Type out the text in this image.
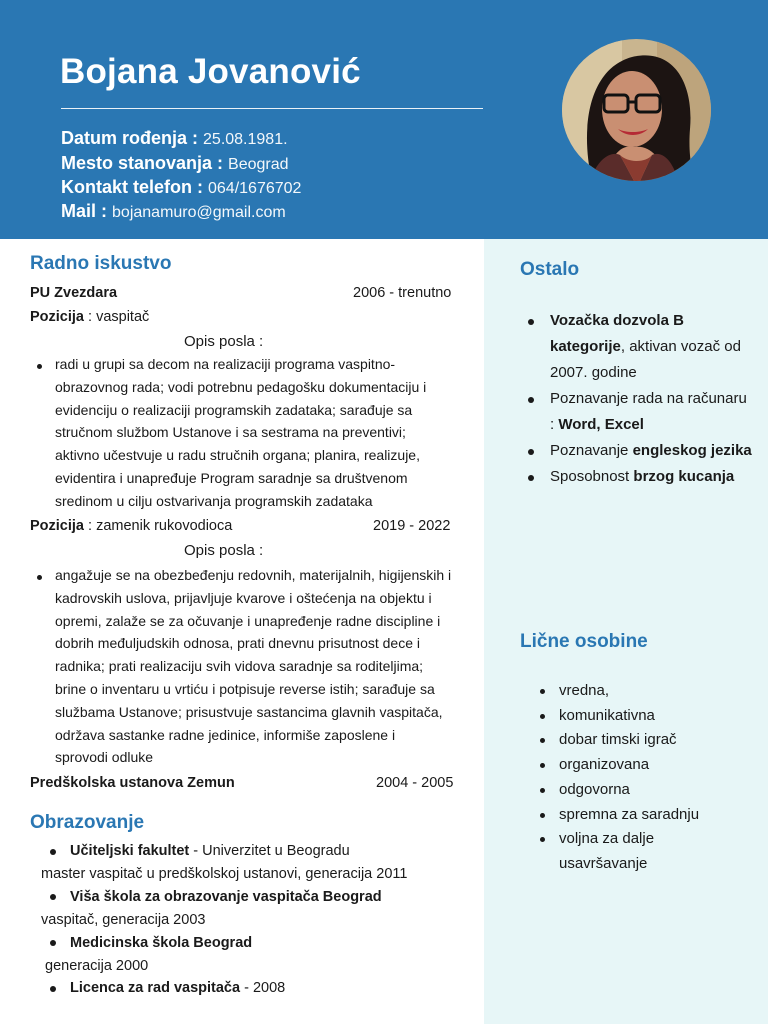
Bojana Jovanović
Datum rođenja : 25.08.1981.
Mesto stanovanja : Beograd
Kontakt telefon : 064/1676702
Mail : bojanamuro@gmail.com
Ostalo
Vozačka dozvola B kategorije, aktivan vozač od 2007. godine
Poznavanje rada na računaru : Word, Excel
Poznavanje engleskog jezika
Sposobnost brzog kucanja
Lične osobine
vredna,
komunikativna
dobar timski igrač
organizovana
odgovorna
spremna za saradnju
voljna za dalje usavršavanje
Radno iskustvo
PU Zvezdara	2006 - trenutno
Pozicija : vaspitač
Opis posla :
radi u grupi sa decom na realizaciji programa vaspitno-
obrazovnog rada; vodi potrebnu pedagošku dokumentaciju i
evidenciju o realizaciji programskih zadataka; sarađuje sa
stručnom službom Ustanove i sa sestrama na preventivi;
aktivno učestvuje u radu stručnih organa; planira, realizuje,
evidentira i unapređuje Program saradnje sa društvenom
sredinom u cilju ostvarivanja programskih zadataka
Pozicija : zamenik rukovodioca	2019 - 2022
Opis posla :
angažuje se na obezbeđenju redovnih, materijalnih, higijenskih i
kadrovskih uslova, prijavljuje kvarove i oštećenja na objektu i
opremi, zalaže se za očuvanje i unapređenje radne discipline i
dobrih međuljudskih odnosa, prati dnevnu prisutnost dece i
radnika; prati realizaciju svih vidova saradnje sa roditeljima;
brine o inventaru u vrtiću i potpisuje reverse istih; sarađuje sa
službama Ustanove; prisustvuje sastancima glavnih vaspitača,
održava sastanke radne jedinice, informiše zaposlene i
sprovodi odluke
Predškolska ustanova Zemun	2004 - 2005
Obrazovanje
Učiteljski fakultet - Univerzitet u Beogradu
master vaspitač u predškolskoj ustanovi, generacija 2011
Viša škola za obrazovanje vaspitača Beograd
vaspitač, generacija 2003
Medicinska škola Beograd
generacija 2000
Licenca za rad vaspitača - 2008
